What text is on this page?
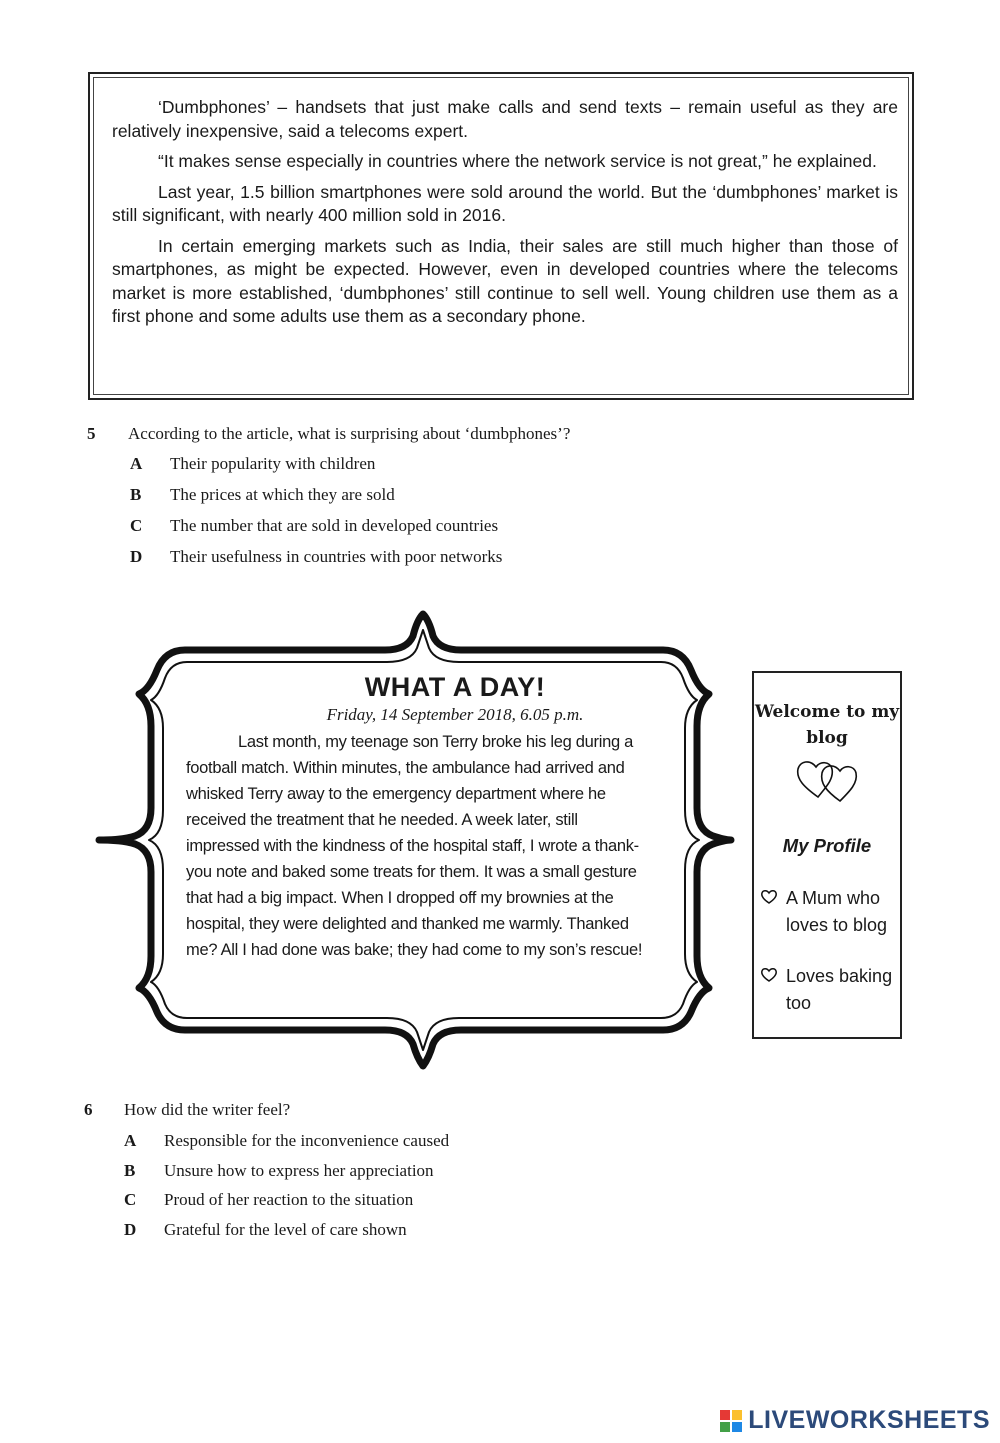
‘Dumbphones’ – handsets that just make calls and send texts – remain useful as they are relatively inexpensive, said a telecoms expert.

“It makes sense especially in countries where the network service is not great,” he explained.

Last year, 1.5 billion smartphones were sold around the world. But the ‘dumbphones’ market is still significant, with nearly 400 million sold in 2016.

In certain emerging markets such as India, their sales are still much higher than those of smartphones, as might be expected. However, even in developed countries where the telecoms market is more established, ‘dumbphones’ still continue to sell well. Young children use them as a first phone and some adults use them as a secondary phone.

5 According to the article, what is surprising about ‘dumbphones’?
A Their popularity with children
B The prices at which they are sold
C The number that are sold in developed countries
D Their usefulness in countries with poor networks
WHAT A DAY!
Friday, 14 September 2018, 6.05 p.m.

Last month, my teenage son Terry broke his leg during a football match. Within minutes, the ambulance had arrived and whisked Terry away to the emergency department where he received the treatment that he needed. A week later, still impressed with the kindness of the hospital staff, I wrote a thank-you note and baked some treats for them. It was a small gesture that had a big impact. When I dropped off my brownies at the hospital, they were delighted and thanked me warmly. Thanked me? All I had done was bake; they had come to my son’s rescue!

Welcome to my blog
My Profile
A Mum who loves to blog
Loves baking too
6 How did the writer feel?
A Responsible for the inconvenience caused
B Unsure how to express her appreciation
C Proud of her reaction to the situation
D Grateful for the level of care shown
LIVEWORKSHEETS
